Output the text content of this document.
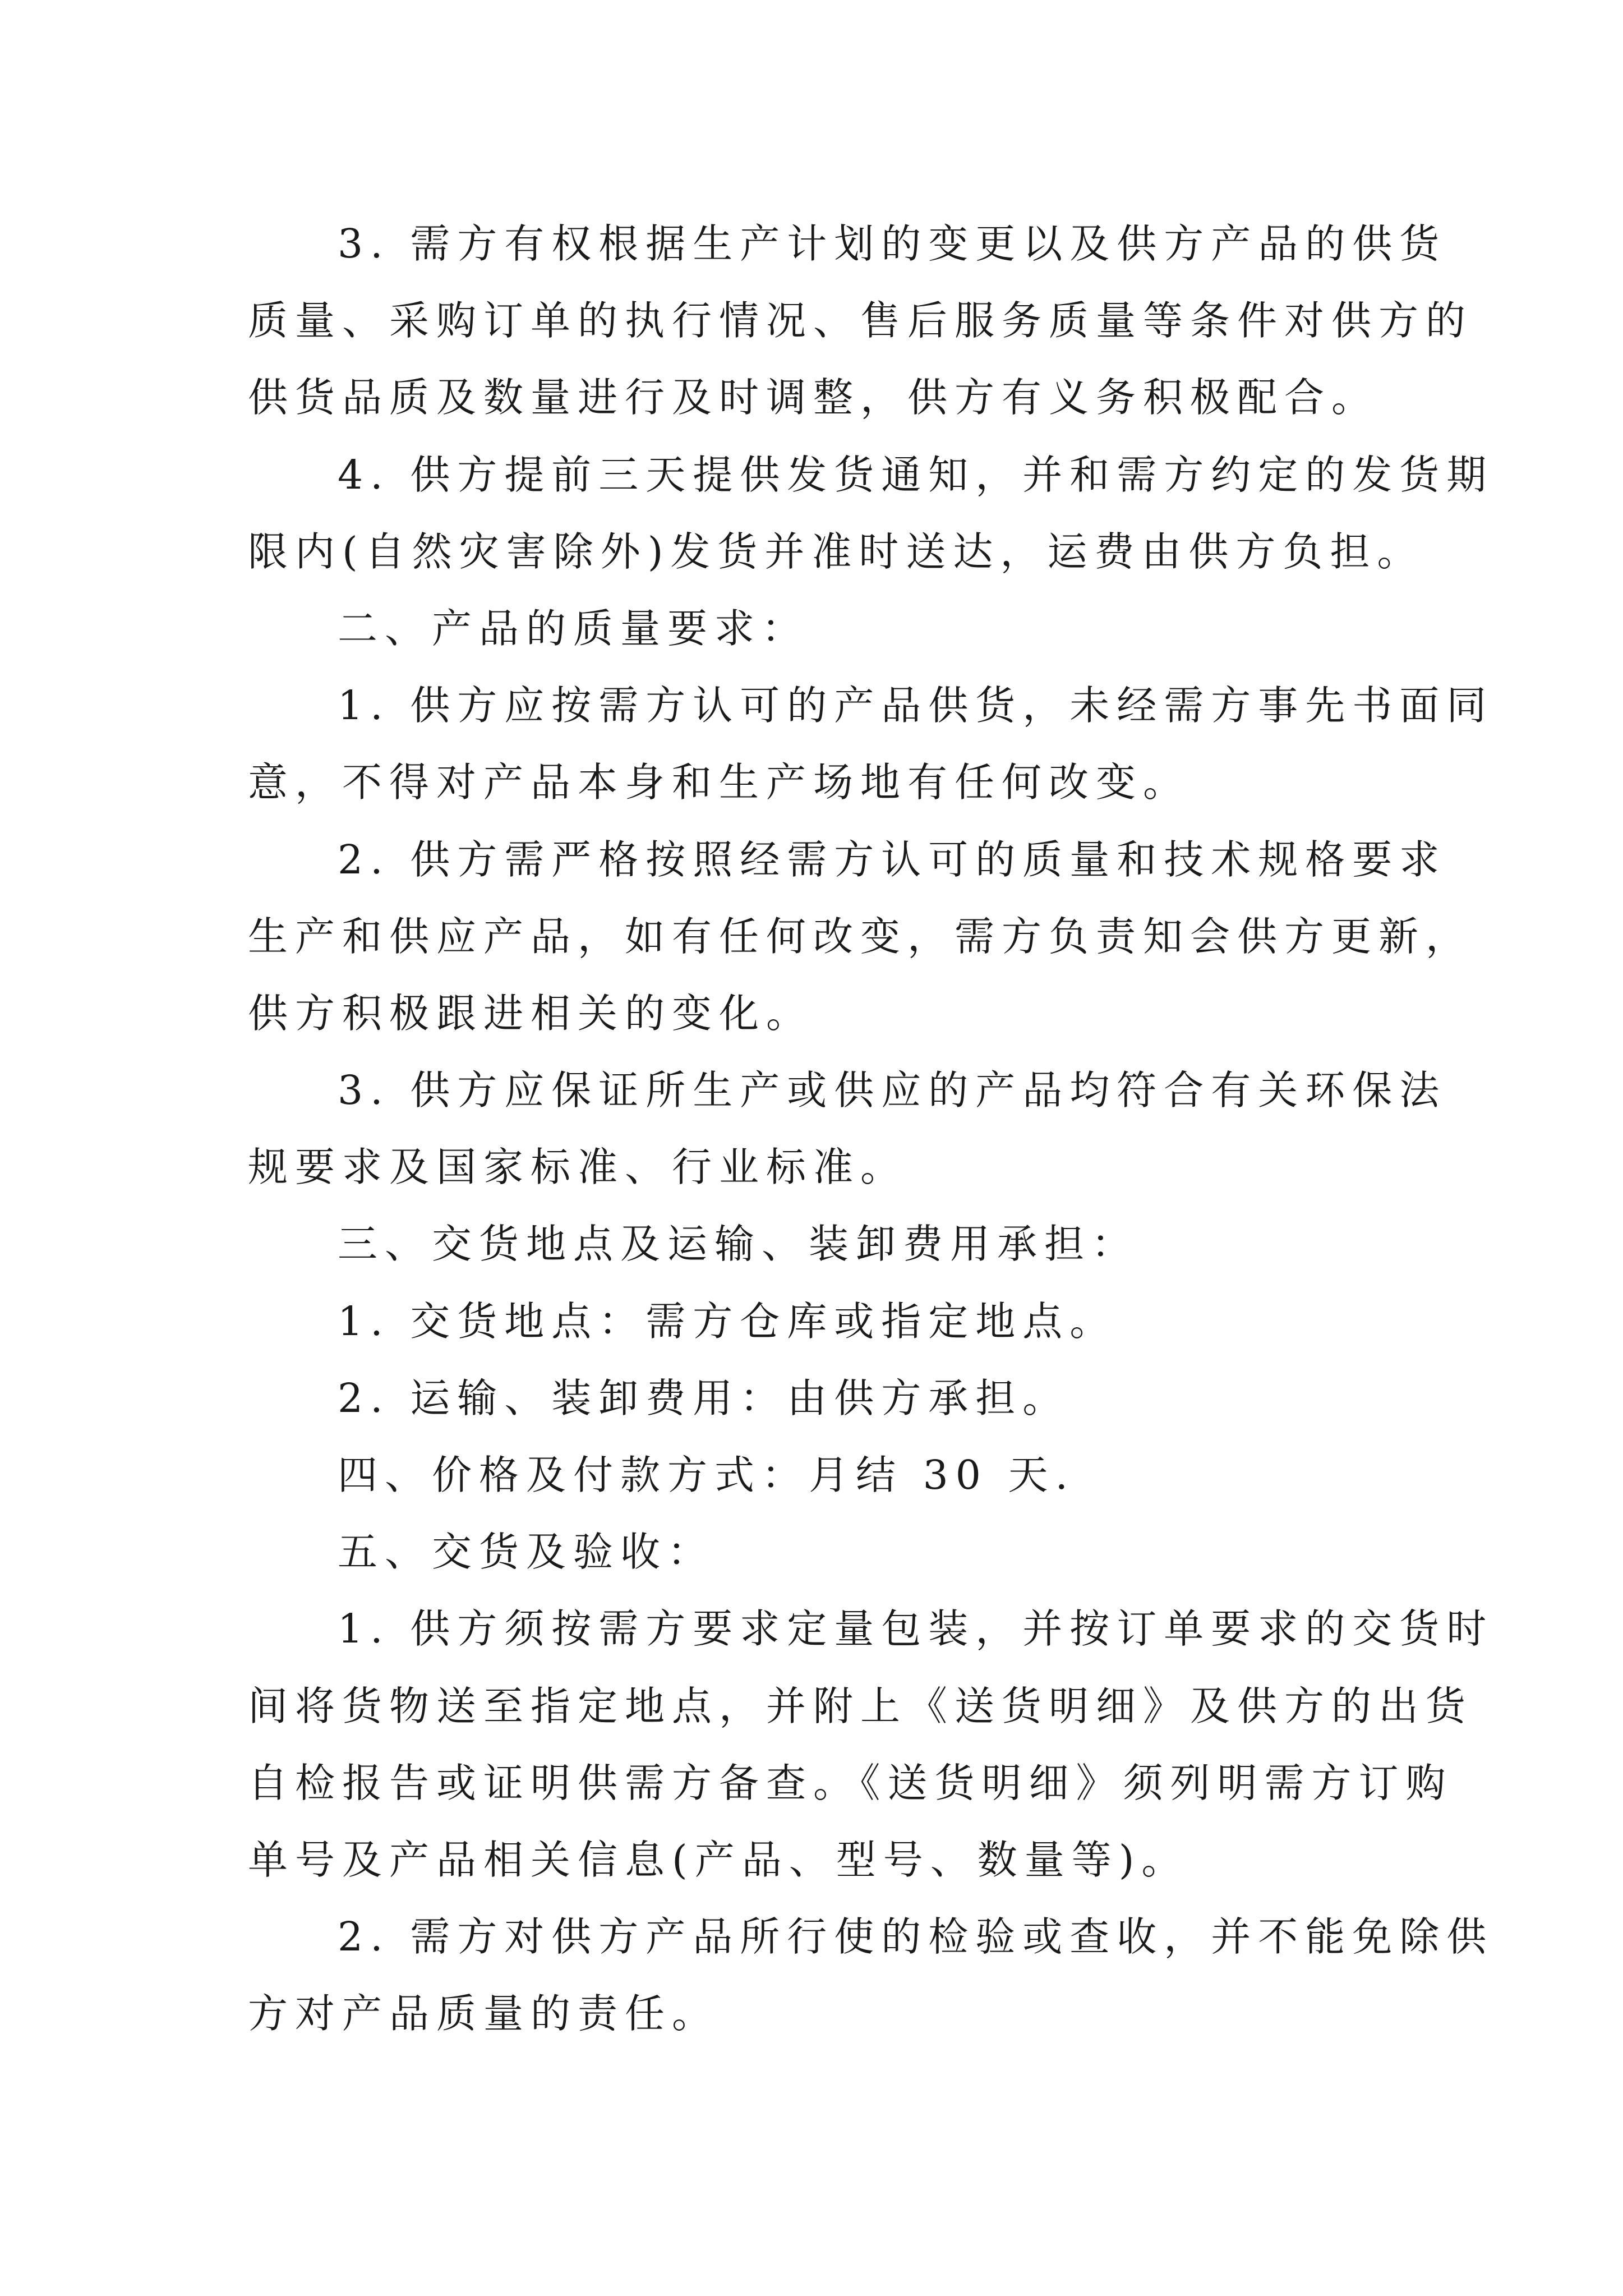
3. 需方有权根据生产计划的变更以及供方产品的供货
质量、采购订单的执行情况、售后服务质量等条件对供方的
供货品质及数量进行及时调整，供方有义务积极配合。
4. 供方提前三天提供发货通知，并和需方约定的发货期
限内(自然灾害除外)发货并准时送达，运费由供方负担。
二、产品的质量要求：
1. 供方应按需方认可的产品供货，未经需方事先书面同
意，不得对产品本身和生产场地有任何改变。
2. 供方需严格按照经需方认可的质量和技术规格要求
生产和供应产品，如有任何改变，需方负责知会供方更新，
供方积极跟进相关的变化。
3. 供方应保证所生产或供应的产品均符合有关环保法
规要求及国家标准、行业标准。
三、交货地点及运输、装卸费用承担：
1. 交货地点：需方仓库或指定地点。
2. 运输、装卸费用：由供方承担。
四、价格及付款方式：月结 30 天.
五、交货及验收：
1. 供方须按需方要求定量包装，并按订单要求的交货时
间将货物送至指定地点，并附上《送货明细》及供方的出货
自检报告或证明供需方备查。《送货明细》须列明需方订购
单号及产品相关信息(产品、型号、数量等)。
2. 需方对供方产品所行使的检验或查收，并不能免除供
方对产品质量的责任。
